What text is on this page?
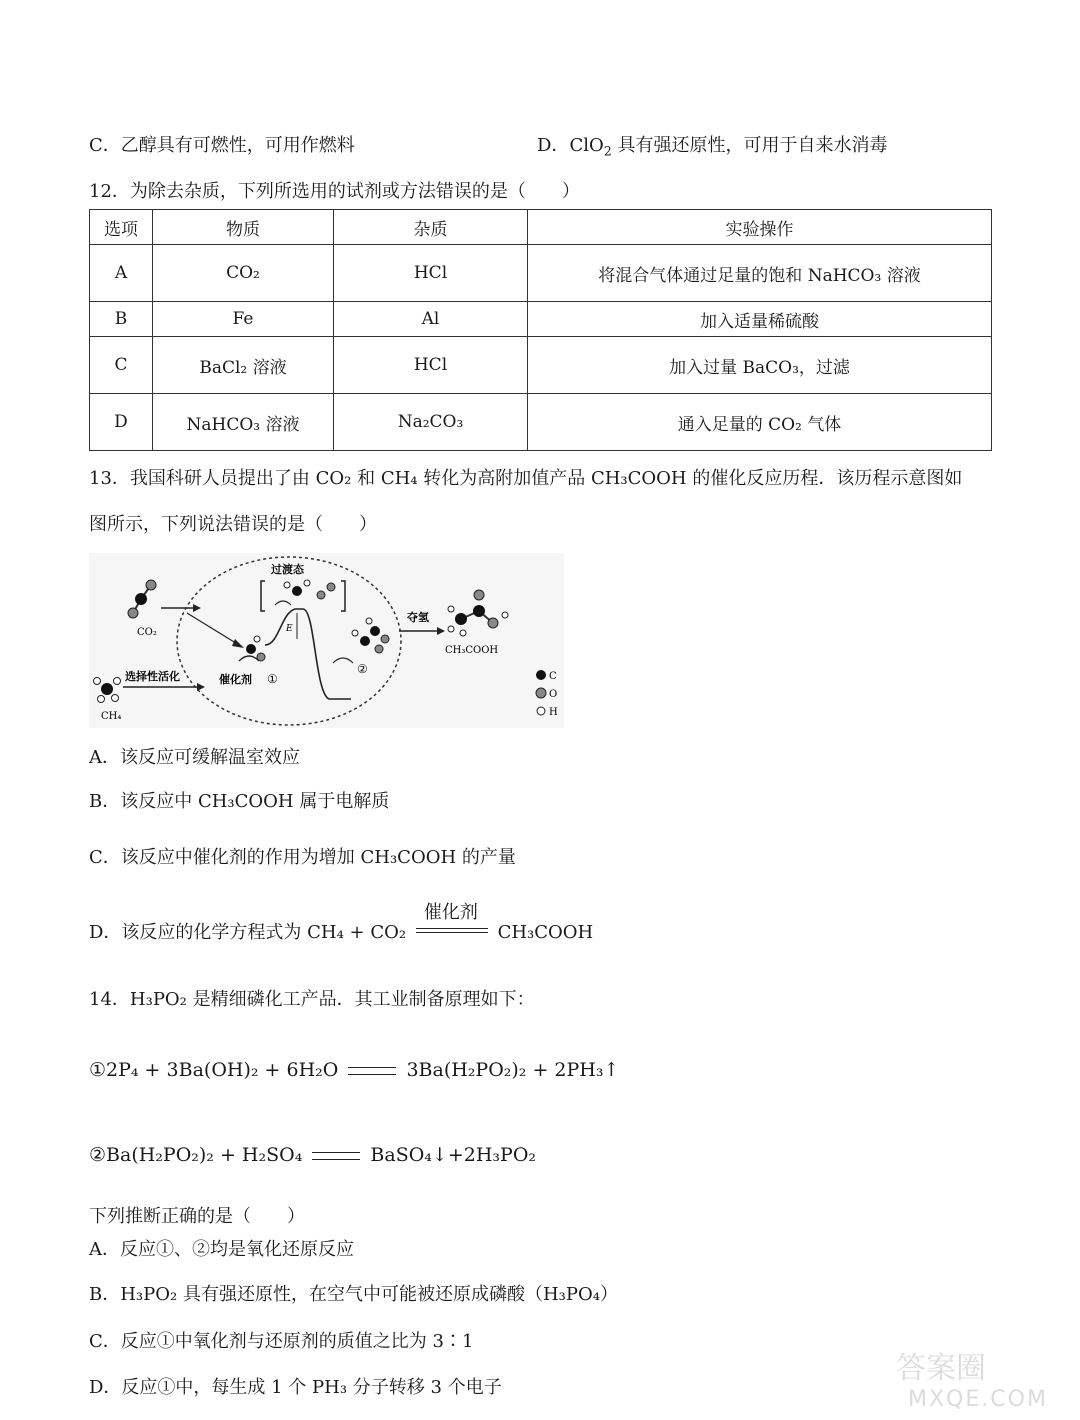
C．乙醇具有可燃性，可用作燃料	D．ClO$_2$ 具有强还原性，可用于自来水消毒
12．为除去杂质，下列所选用的试剂或方法错误的是（　　）
选项	物质	杂质	实验操作
A	CO₂	HCl	将混合气体通过足量的饱和 NaHCO₃ 溶液
B	Fe	Al	加入适量稀硫酸
C	BaCl₂ 溶液	HCl	加入过量 BaCO₃，过滤
D	NaHCO₃ 溶液	Na₂CO₃	通入足量的 CO₂ 气体
13．我国科研人员提出了由 CO₂ 和 CH₄ 转化为高附加值产品 CH₃COOH 的催化反应历程．该历程示意图如
图所示，下列说法错误的是（　　）
CO₂
CH₄
选择性活化	催化剂 ①
E
过渡态
②
夺氢
CH₃COOH
C
O
H
A．该反应可缓解温室效应
B．该反应中 CH₃COOH 属于电解质
C．该反应中催化剂的作用为增加 CH₃COOH 的产量
D．该反应的化学方程式为 CH₄ + CO₂
催化剂
CH₃COOH
14．H₃PO₂ 是精细磷化工产品．其工业制备原理如下：
①2P₄ + 3Ba(OH)₂ + 6H₂O	3Ba(H₂PO₂)₂ + 2PH₃↑
②Ba(H₂PO₂)₂ + H₂SO₄	BaSO₄↓+2H₃PO₂
下列推断正确的是（　　）
A．反应①、②均是氧化还原反应
B．H₃PO₂ 具有强还原性，在空气中可能被还原成磷酸（H₃PO₄）
C．反应①中氧化剂与还原剂的质值之比为 3∶1
D．反应①中，每生成 1 个 PH₃ 分子转移 3 个电子
答案圈
MXQE.COM
